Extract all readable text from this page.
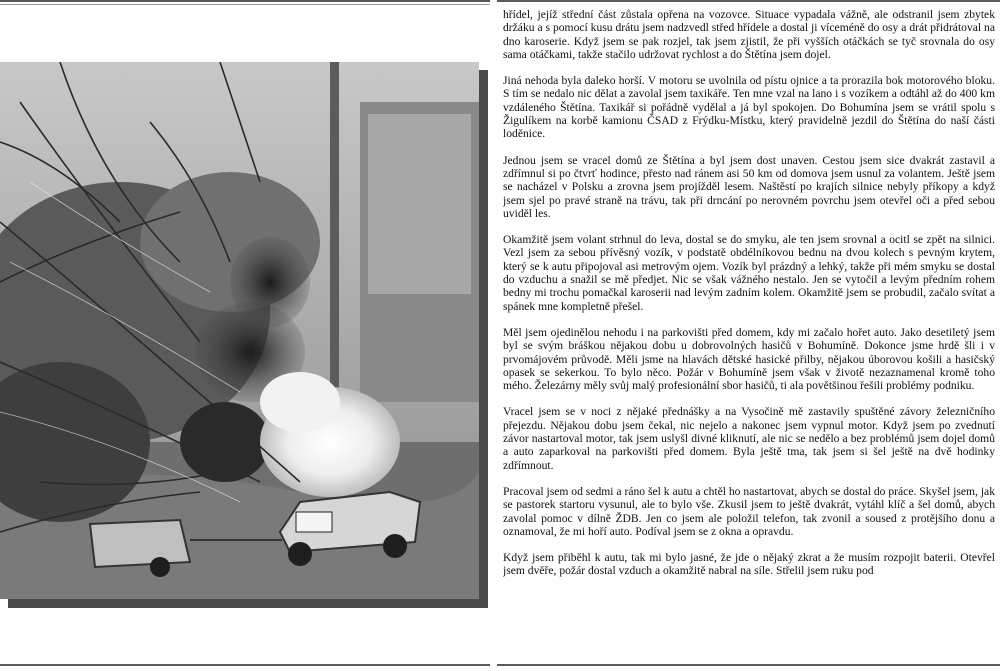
hřídel, jejíž střední část zůstala opřena na vozovce. Situace vypadala vážně, ale odstranil jsem zbytek držáku a s pomocí kusu drátu jsem nadzvedl střed hřídele a dostal ji víceméně do osy a drát přidrátoval na dno karoserie. Když jsem se pak rozjel, tak jsem zjistil, že při vyšších otáčkách se tyč srovnala do osy sama otáčkami, takže stačilo udržovat rychlost a do Štětína jsem dojel.

Jiná nehoda byla daleko horší. V motoru se uvolnila od pístu ojnice a ta prorazila bok motorového bloku. S tím se nedalo nic dělat a zavolal jsem taxikáře. Ten mne vzal na lano i s vozíkem a odtáhl až do 400 km vzdáleného Štětína. Taxikář si pořádně vydělal a já byl spokojen. Do Bohumína jsem se vrátil spolu s Žigulíkem na korbě kamionu ČSAD z Frýdku-Místku, který pravidelně jezdil do Štětína do naší části loděnice.

Jednou jsem se vracel domů ze Štětína a byl jsem dost unaven. Cestou jsem sice dvakrát zastavil a zdřímnul si po čtvrť hodince, přesto nad ránem asi 50 km od domova jsem usnul za volantem. Ještě jsem se nacházel v Polsku a zrovna jsem projížděl lesem. Naštěstí po krajích silnice nebyly příkopy a když jsem sjel po pravé straně na trávu, tak při drncání po nerovném povrchu jsem otevřel oči a před sebou uviděl les.

Okamžitě jsem volant strhnul do leva, dostal se do smyku, ale ten jsem srovnal a ocitl se zpět na silnici. Vezl jsem za sebou přívěsný vozík, v podstatě obdélníkovou bednu na dvou kolech s pevným krytem, který se k autu připojoval asi metrovým ojem. Vozík byl prázdný a lehký, takže při mém smyku se dostal do vzduchu a snažil se mě předjet. Nic se však vážného nestalo. Jen se vytočil a levým předním rohem bedny mi trochu pomačkal karoserii nad levým zadním kolem. Okamžitě jsem se probudil, začalo svítat a spánek mne kompletně přešel.

Měl jsem ojedinělou nehodu i na parkovišti před domem, kdy mi začalo hořet auto. Jako desetiletý jsem byl se svým bráškou nějakou dobu u dobrovolných hasičů v Bohumíně. Dokonce jsme hrdě šli i v prvomájovém průvodě. Měli jsme na hlavách dětské hasické přilby, nějakou úborovou košili a hasičský opasek se sekerkou. To bylo něco. Požár v Bohumíně jsem však v životě nezaznamenal kromě toho mého. Železárny měly svůj malý profesionální sbor hasičů, ti ala povětšinou řešili problémy podniku.

Vracel jsem se v noci z nějaké přednášky a na Vysočině mě zastavily spuštěné závory železničního přejezdu. Nějakou dobu jsem čekal, nic nejelo a nakonec jsem vypnul motor. Když jsem po zvednutí závor nastartoval motor, tak jsem uslyšl divné kliknutí, ale nic se nedělo a bez problémů jsem dojel domů a auto zaparkoval na parkovišti před domem. Byla ještě tma, tak jsem si šel ještě na dvě hodinky zdřímnout.

Pracoval jsem od sedmi a ráno šel k autu a chtěl ho nastartovat, abych se dostal do práce. Skyšel jsem, jak se pastorek startoru vysunul, ale to bylo vše. Zkusil jsem to ještě dvakrát, vytáhl klíč a šel domů, abych zavolal pomoc v dílně ŽDB. Jen co jsem ale položil telefon, tak zvonil a soused z protějšího donu a oznamoval, že mi hoří auto. Podíval jsem se z okna a opravdu.

Když jsem přiběhl k autu, tak mi bylo jasné, že jde o nějaký zkrat a že musím rozpojit baterii. Otevřel jsem dvěře, požár dostal vzduch a okamžitě nabral na síle. Střelil jsem ruku pod
